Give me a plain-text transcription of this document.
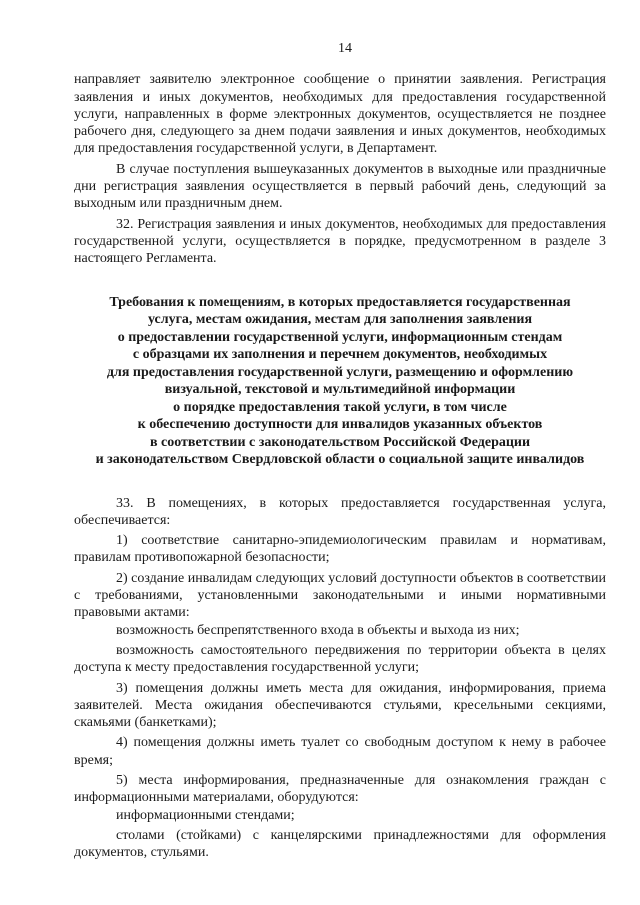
14

направляет заявителю электронное сообщение о принятии заявления. Регистрация заявления и иных документов, необходимых для предоставления государственной услуги, направленных в форме электронных документов, осуществляется не позднее рабочего дня, следующего за днем подачи заявления и иных документов, необходимых для предоставления государственной услуги, в Департамент.

В случае поступления вышеуказанных документов в выходные или праздничные дни регистрация заявления осуществляется в первый рабочий день, следующий за выходным или праздничным днем.

32. Регистрация заявления и иных документов, необходимых для предоставления государственной услуги, осуществляется в порядке, предусмотренном в разделе 3 настоящего Регламента.

Требования к помещениям, в которых предоставляется государственная
услуга, местам ожидания, местам для заполнения заявления
о предоставлении государственной услуги, информационным стендам
с образцами их заполнения и перечнем документов, необходимых
для предоставления государственной услуги, размещению и оформлению
визуальной, текстовой и мультимедийной информации
о порядке предоставления такой услуги, в том числе
к обеспечению доступности для инвалидов указанных объектов
в соответствии с законодательством Российской Федерации
и законодательством Свердловской области о социальной защите инвалидов

33. В помещениях, в которых предоставляется государственная услуга, обеспечивается:

1) соответствие санитарно-эпидемиологическим правилам и нормативам, правилам противопожарной безопасности;

2) создание инвалидам следующих условий доступности объектов в соответствии с требованиями, установленными законодательными и иными нормативными правовыми актами:

возможность беспрепятственного входа в объекты и выхода из них;

возможность самостоятельного передвижения по территории объекта в целях доступа к месту предоставления государственной услуги;

3) помещения должны иметь места для ожидания, информирования, приема заявителей. Места ожидания обеспечиваются стульями, кресельными секциями, скамьями (банкетками);

4) помещения должны иметь туалет со свободным доступом к нему в рабочее время;

5) места информирования, предназначенные для ознакомления граждан с информационными материалами, оборудуются:

информационными стендами;

столами (стойками) с канцелярскими принадлежностями для оформления документов, стульями.
